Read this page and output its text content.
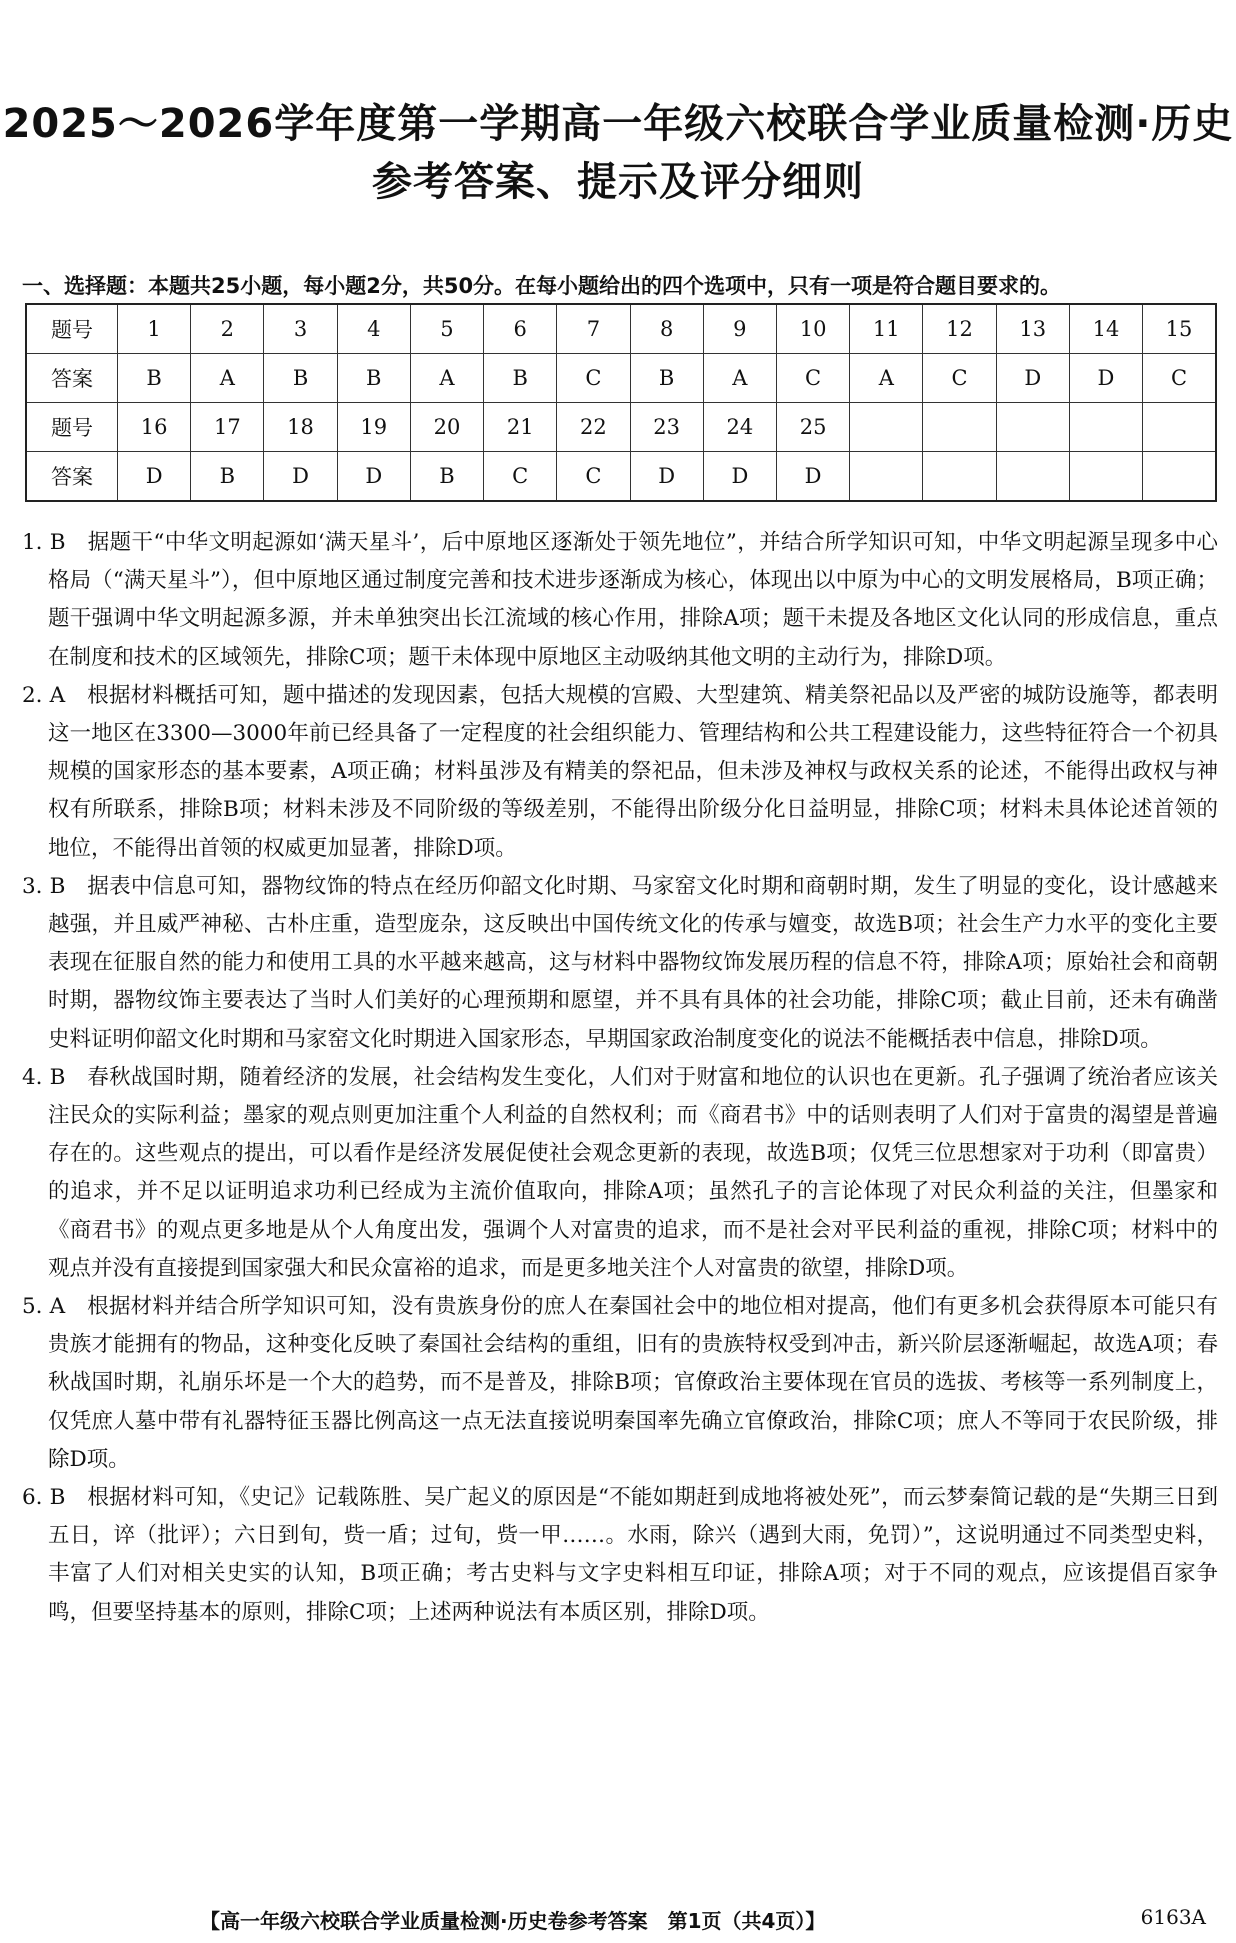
2025～2026学年度第一学期高一年级六校联合学业质量检测·历史
参考答案、提示及评分细则
一、选择题：本题共25小题，每小题2分，共50分。在每小题给出的四个选项中，只有一项是符合题目要求的。
题号	1	2	3	4	5	6	7	8	9	10	11	12	13	14	15
答案	B	A	B	B	A	B	C	B	A	C	A	C	D	D	C
题号	16	17	18	19	20	21	22	23	24	25					
答案	D	B	D	D	B	C	C	D	D	D					

1. B　据题干“中华文明起源如‘满天星斗’，后中原地区逐渐处于领先地位”，并结合所学知识可知，中华文明起源呈现多中心格局（“满天星斗”），但中原地区通过制度完善和技术进步逐渐成为核心，体现出以中原为中心的文明发展格局，B项正确；题干强调中华文明起源多源，并未单独突出长江流域的核心作用，排除A项；题干未提及各地区文化认同的形成信息，重点在制度和技术的区域领先，排除C项；题干未体现中原地区主动吸纳其他文明的主动行为，排除D项。

2. A　根据材料概括可知，题中描述的发现因素，包括大规模的宫殿、大型建筑、精美祭祀品以及严密的城防设施等，都表明这一地区在3300—3000年前已经具备了一定程度的社会组织能力、管理结构和公共工程建设能力，这些特征符合一个初具规模的国家形态的基本要素，A项正确；材料虽涉及有精美的祭祀品，但未涉及神权与政权关系的论述，不能得出政权与神权有所联系，排除B项；材料未涉及不同阶级的等级差别，不能得出阶级分化日益明显，排除C项；材料未具体论述首领的地位，不能得出首领的权威更加显著，排除D项。

3. B　据表中信息可知，器物纹饰的特点在经历仰韶文化时期、马家窑文化时期和商朝时期，发生了明显的变化，设计感越来越强，并且威严神秘、古朴庄重，造型庞杂，这反映出中国传统文化的传承与嬗变，故选B项；社会生产力水平的变化主要表现在征服自然的能力和使用工具的水平越来越高，这与材料中器物纹饰发展历程的信息不符，排除A项；原始社会和商朝时期，器物纹饰主要表达了当时人们美好的心理预期和愿望，并不具有具体的社会功能，排除C项；截止目前，还未有确凿史料证明仰韶文化时期和马家窑文化时期进入国家形态，早期国家政治制度变化的说法不能概括表中信息，排除D项。

4. B　春秋战国时期，随着经济的发展，社会结构发生变化，人们对于财富和地位的认识也在更新。孔子强调了统治者应该关注民众的实际利益；墨家的观点则更加注重个人利益的自然权利；而《商君书》中的话则表明了人们对于富贵的渴望是普遍存在的。这些观点的提出，可以看作是经济发展促使社会观念更新的表现，故选B项；仅凭三位思想家对于功利（即富贵）的追求，并不足以证明追求功利已经成为主流价值取向，排除A项；虽然孔子的言论体现了对民众利益的关注，但墨家和《商君书》的观点更多地是从个人角度出发，强调个人对富贵的追求，而不是社会对平民利益的重视，排除C项；材料中的观点并没有直接提到国家强大和民众富裕的追求，而是更多地关注个人对富贵的欲望，排除D项。

5. A　根据材料并结合所学知识可知，没有贵族身份的庶人在秦国社会中的地位相对提高，他们有更多机会获得原本可能只有贵族才能拥有的物品，这种变化反映了秦国社会结构的重组，旧有的贵族特权受到冲击，新兴阶层逐渐崛起，故选A项；春秋战国时期，礼崩乐坏是一个大的趋势，而不是普及，排除B项；官僚政治主要体现在官员的选拔、考核等一系列制度上，仅凭庶人墓中带有礼器特征玉器比例高这一点无法直接说明秦国率先确立官僚政治，排除C项；庶人不等同于农民阶级，排除D项。

6. B　根据材料可知，《史记》记载陈胜、吴广起义的原因是“不能如期赶到成地将被处死”，而云梦秦简记载的是“失期三日到五日，谇（批评）；六日到旬，赀一盾；过旬，赀一甲……。水雨，除兴（遇到大雨，免罚）”，这说明通过不同类型史料，丰富了人们对相关史实的认知，B项正确；考古史料与文字史料相互印证，排除A项；对于不同的观点，应该提倡百家争鸣，但要坚持基本的原则，排除C项；上述两种说法有本质区别，排除D项。

【高一年级六校联合学业质量检测·历史卷参考答案　第1页（共4页）】	6163A
